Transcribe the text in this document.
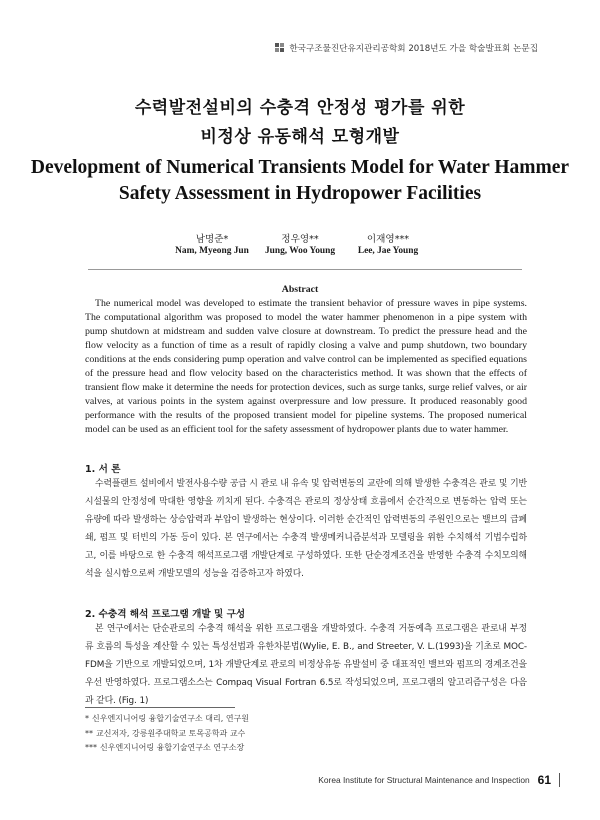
한국구조물진단유지관리공학회 2018년도 가을 학술발표회 논문집
수력발전설비의 수충격 안정성 평가를 위한
비정상 유동해석 모형개발
Development of Numerical Transients Model for Water Hammer
Safety Assessment in Hydropower Facilities
남명준*	정우영**	이재영***
Nam, Myeong Jun	Jung, Woo Young	Lee, Jae Young
Abstract

The numerical model was developed to estimate the transient behavior of pressure waves in pipe systems. The computational algorithm was proposed to model the water hammer phenomenon in a pipe system with pump shutdown at midstream and sudden valve closure at downstream. To predict the pressure head and the flow velocity as a function of time as a result of rapidly closing a valve and pump shutdown, two boundary conditions at the ends considering pump operation and valve control can be implemented as specified equations of the pressure head and flow velocity based on the characteristics method. It was shown that the effects of transient flow make it determine the needs for protection devices, such as surge tanks, surge relief valves, or air valves, at various points in the system against overpressure and low pressure. It produced reasonably good performance with the results of the proposed transient model for pipeline systems. The proposed numerical model can be used as an efficient tool for the safety assessment of hydropower plants due to water hammer.

1. 서 론

수력플랜트 설비에서 발전사용수량 공급 시 관로 내 유속 및 압력변동의 교란에 의해 발생한 수충격은 관로 및 기반시설물의 안정성에 막대한 영향을 끼치게 된다. 수충격은 관로의 정상상태 흐름에서 순간적으로 변동하는 압력 또는 유량에 따라 발생하는 상승압력과 부압이 발생하는 현상이다. 이러한 순간적인 압력변동의 주원인으로는 밸브의 급폐쇄, 펌프 및 터빈의 가동 등이 있다. 본 연구에서는 수충격 발생메커니즘분석과 모델링을 위한 수치해석 기법수립하고, 이를 바탕으로 한 수충격 해석프로그램 개발단계로 구성하였다. 또한 단순경계조건을 반영한 수충격 수치모의해석을 실시함으로써 개발모델의 성능을 검증하고자 하였다.

2. 수충격 해석 프로그램 개발 및 구성

본 연구에서는 단순관로의 수충격 해석을 위한 프로그램을 개발하였다. 수충격 거동예측 프로그램은 관로내 부정류 흐름의 특성을 계산할 수 있는 특성선법과 유한차분법(Wylie, E. B., and Streeter, V. L.(1993)을 기초로 MOC-FDM을 기반으로 개발되었으며, 1차 개발단계로 관로의 비정상유동 유발설비 중 대표적인 밸브와 펌프의 경계조건을 우선 반영하였다. 프로그램소스는 Compaq Visual Fortran 6.5로 작성되었으며, 프로그램의 알고리즘구성은 다음과 같다. (Fig. 1)

* 신우엔지니어링 융합기술연구소 대리, 연구원
** 교신저자, 강릉원주대학교 토목공학과 교수
*** 신우엔지니어링 융합기술연구소 연구소장
Korea Institute for Structural Maintenance and Inspection 61
